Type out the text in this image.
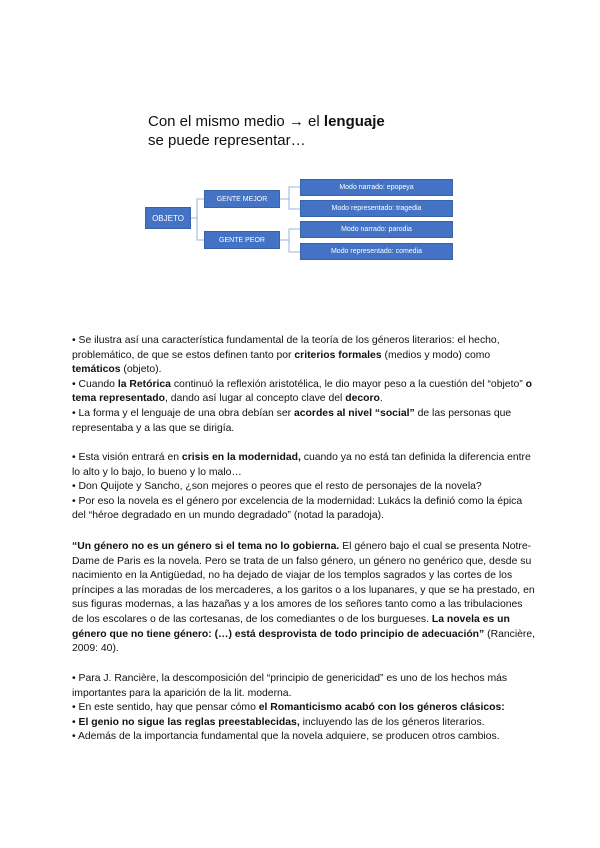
Con el mismo medio → el lenguaje
se puede representar…
OBJETO
GENTE MEJOR
GENTE PEOR
Modo narrado: epopeya
Modo representado: tragedia
Modo narrado: parodia
Modo representado: comedia

• Se ilustra así una característica fundamental de la teoría de los géneros literarios: el hecho, problemático, de que se estos definen tanto por criterios formales (medios y modo) como temáticos (objeto).

• Cuando la Retórica continuó la reflexión aristotélica, le dio mayor peso a la cuestión del “objeto” o tema representado, dando así lugar al concepto clave del decoro.

• La forma y el lenguaje de una obra debían ser acordes al nivel “social” de las personas que representaba y a las que se dirigía.

• Esta visión entrará en crisis en la modernidad, cuando ya no está tan definida la diferencia entre lo alto y lo bajo, lo bueno y lo malo…

• Don Quijote y Sancho, ¿son mejores o peores que el resto de personajes de la novela?

• Por eso la novela es el género por excelencia de la modernidad: Lukács la definió como la épica del “héroe degradado en un mundo degradado” (notad la paradoja).

“Un género no es un género si el tema no lo gobierna. El género bajo el cual se presenta Notre-Dame de Paris es la novela. Pero se trata de un falso género, un género no genérico que, desde su nacimiento en la Antigüedad, no ha dejado de viajar de los templos sagrados y las cortes de los príncipes a las moradas de los mercaderes, a los garitos o a los lupanares, y que se ha prestado, en sus figuras modernas, a las hazañas y a los amores de los señores tanto como a las tribulaciones de los escolares o de las cortesanas, de los comediantes o de los burgueses. La novela es un género que no tiene género: (…) está desprovista de todo principio de adecuación” (Rancière, 2009: 40).

• Para J. Rancière, la descomposición del “principio de genericidad” es uno de los hechos más importantes para la aparición de la lit. moderna.

• En este sentido, hay que pensar cómo el Romanticismo acabó con los géneros clásicos:

• El genio no sigue las reglas preestablecidas, incluyendo las de los géneros literarios.

• Además de la importancia fundamental que la novela adquiere, se producen otros cambios.
